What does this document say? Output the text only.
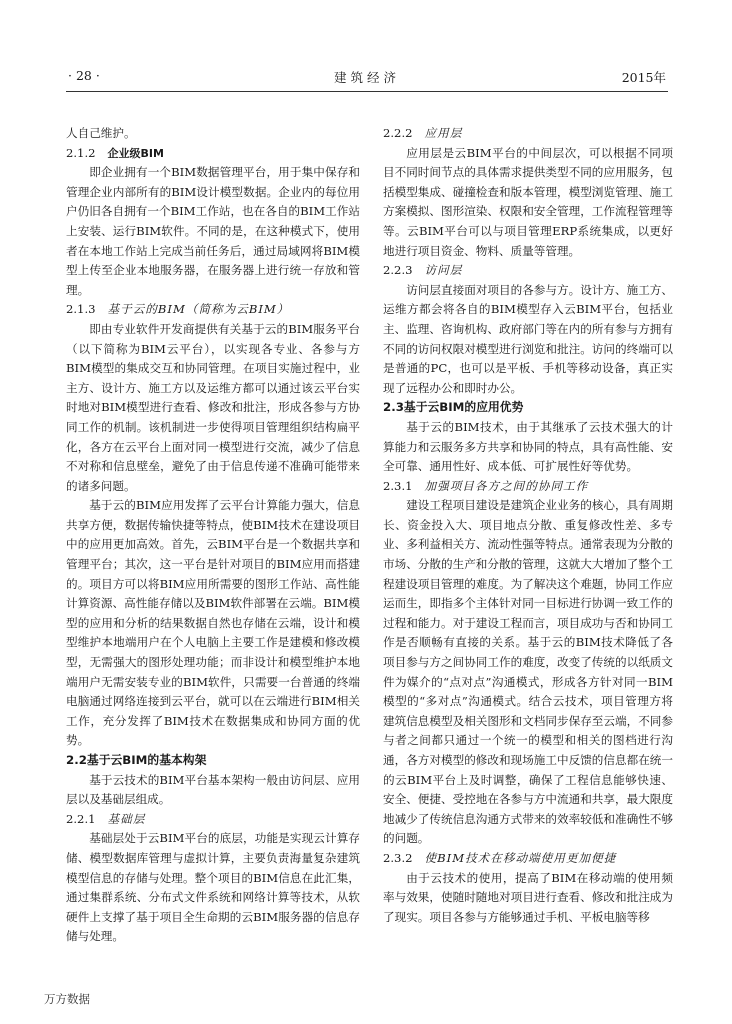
· 28 ·	建筑经济	2015年

人自己维护。

2.1.2 企业级BIM

即企业拥有一个BIM数据管理平台，用于集中保存和管理企业内部所有的BIM设计模型数据。企业内的每位用户仍旧各自拥有一个BIM工作站，也在各自的BIM工作站上安装、运行BIM软件。不同的是，在这种模式下，使用者在本地工作站上完成当前任务后，通过局域网将BIM模型上传至企业本地服务器，在服务器上进行统一存放和管理。

2.1.3 基于云的BIM（简称为云BIM）

即由专业软件开发商提供有关基于云的BIM服务平台（以下简称为BIM云平台），以实现各专业、各参与方BIM模型的集成交互和协同管理。在项目实施过程中，业主方、设计方、施工方以及运维方都可以通过该云平台实时地对BIM模型进行查看、修改和批注，形成各参与方协同工作的机制。该机制进一步使得项目管理组织结构扁平化，各方在云平台上面对同一模型进行交流，减少了信息不对称和信息壁垒，避免了由于信息传递不准确可能带来的诸多问题。

基于云的BIM应用发挥了云平台计算能力强大，信息共享方便，数据传输快捷等特点，使BIM技术在建设项目中的应用更加高效。首先，云BIM平台是一个数据共享和管理平台；其次，这一平台是针对项目的BIM应用而搭建的。项目方可以将BIM应用所需要的图形工作站、高性能计算资源、高性能存储以及BIM软件部署在云端。BIM模型的应用和分析的结果数据自然也存储在云端，设计和模型维护本地端用户在个人电脑上主要工作是建模和修改模型，无需强大的图形处理功能；而非设计和模型维护本地端用户无需安装专业的BIM软件，只需要一台普通的终端电脑通过网络连接到云平台，就可以在云端进行BIM相关工作，充分发挥了BIM技术在数据集成和协同方面的优势。

2.2基于云BIM的基本构架

基于云技术的BIM平台基本架构一般由访问层、应用层以及基础层组成。

2.2.1 基础层

基础层处于云BIM平台的底层，功能是实现云计算存储、模型数据库管理与虚拟计算，主要负责海量复杂建筑模型信息的存储与处理。整个项目的BIM信息在此汇集，通过集群系统、分布式文件系统和网络计算等技术，从软硬件上支撑了基于项目全生命期的云BIM服务器的信息存储与处理。

2.2.2 应用层

应用层是云BIM平台的中间层次，可以根据不同项目不同时间节点的具体需求提供类型不同的应用服务，包括模型集成、碰撞检查和版本管理，模型浏览管理、施工方案模拟、图形渲染、权限和安全管理，工作流程管理等等。云BIM平台可以与项目管理ERP系统集成，以更好地进行项目资金、物料、质量等管理。

2.2.3 访问层

访问层直接面对项目的各参与方。设计方、施工方、运维方都会将各自的BIM模型存入云BIM平台，包括业主、监理、咨询机构、政府部门等在内的所有参与方拥有不同的访问权限对模型进行浏览和批注。访问的终端可以是普通的PC，也可以是平板、手机等移动设备，真正实现了远程办公和即时办公。

2.3基于云BIM的应用优势

基于云的BIM技术，由于其继承了云技术强大的计算能力和云服务多方共享和协同的特点，具有高性能、安全可靠、通用性好、成本低、可扩展性好等优势。

2.3.1 加强项目各方之间的协同工作

建设工程项目建设是建筑企业业务的核心，具有周期长、资金投入大、项目地点分散、重复修改性差、多专业、多利益相关方、流动性强等特点。通常表现为分散的市场、分散的生产和分散的管理，这就大大增加了整个工程建设项目管理的难度。为了解决这个难题，协同工作应运而生，即指多个主体针对同一目标进行协调一致工作的过程和能力。对于建设工程而言，项目成功与否和协同工作是否顺畅有直接的关系。基于云的BIM技术降低了各项目参与方之间协同工作的难度，改变了传统的以纸质文件为媒介的“点对点”沟通模式，形成各方针对同一BIM模型的“多对点”沟通模式。结合云技术，项目管理方将建筑信息模型及相关图形和文档同步保存至云端，不同参与者之间都只通过一个统一的模型和相关的图档进行沟通，各方对模型的修改和现场施工中反馈的信息都在统一的云BIM平台上及时调整，确保了工程信息能够快速、安全、便捷、受控地在各参与方中流通和共享，最大限度地减少了传统信息沟通方式带来的效率较低和准确性不够的问题。

2.3.2 使BIM技术在移动端使用更加便捷

由于云技术的使用，提高了BIM在移动端的使用频率与效果，使随时随地对项目进行查看、修改和批注成为了现实。项目各参与方能够通过手机、平板电脑等移

万方数据
